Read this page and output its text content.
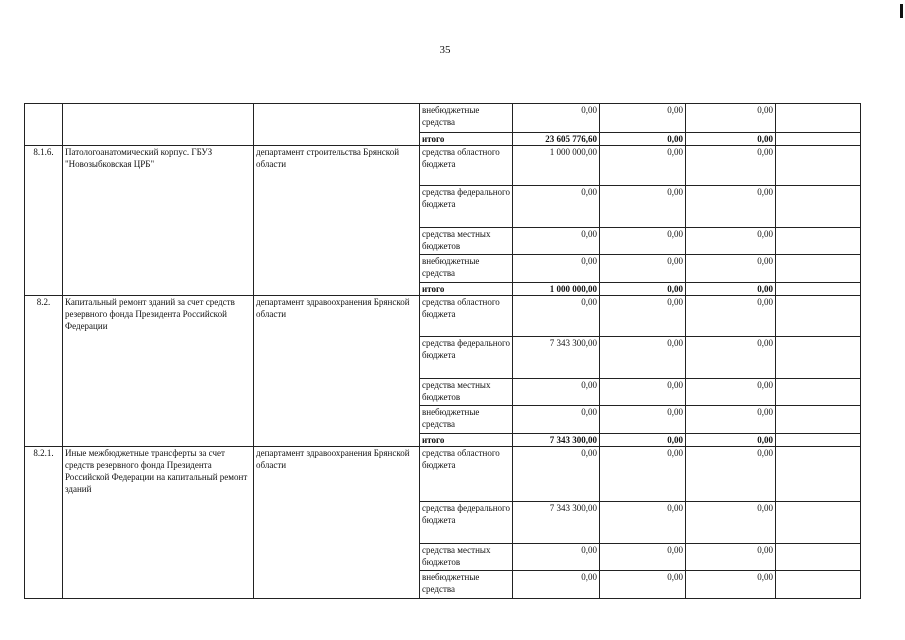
35
			внебюджетные средства	0,00	0,00	0,00	
			итого	23 605 776,60	0,00	0,00	
8.1.6.	Патологоанатомический корпус. ГБУЗ "Новозыбковская ЦРБ"	департамент строительства Брянской области	средства областного бюджета	1 000 000,00	0,00	0,00	
			средства федерального бюджета	0,00	0,00	0,00	
			средства местных бюджетов	0,00	0,00	0,00	
			внебюджетные средства	0,00	0,00	0,00	
			итого	1 000 000,00	0,00	0,00	
8.2.	Капитальный ремонт зданий за счет средств резервного фонда Президента Российской Федерации	департамент здравоохранения Брянской области	средства областного бюджета	0,00	0,00	0,00	
			средства федерального бюджета	7 343 300,00	0,00	0,00	
			средства местных бюджетов	0,00	0,00	0,00	
			внебюджетные средства	0,00	0,00	0,00	
			итого	7 343 300,00	0,00	0,00	
8.2.1.	Иные межбюджетные трансферты за счет средств резервного фонда Президента Российской Федерации на капитальный ремонт зданий	департамент здравоохранения Брянской области	средства областного бюджета	0,00	0,00	0,00	
			средства федерального бюджета	7 343 300,00	0,00	0,00	
			средства местных бюджетов	0,00	0,00	0,00	
			внебюджетные средства	0,00	0,00	0,00	
